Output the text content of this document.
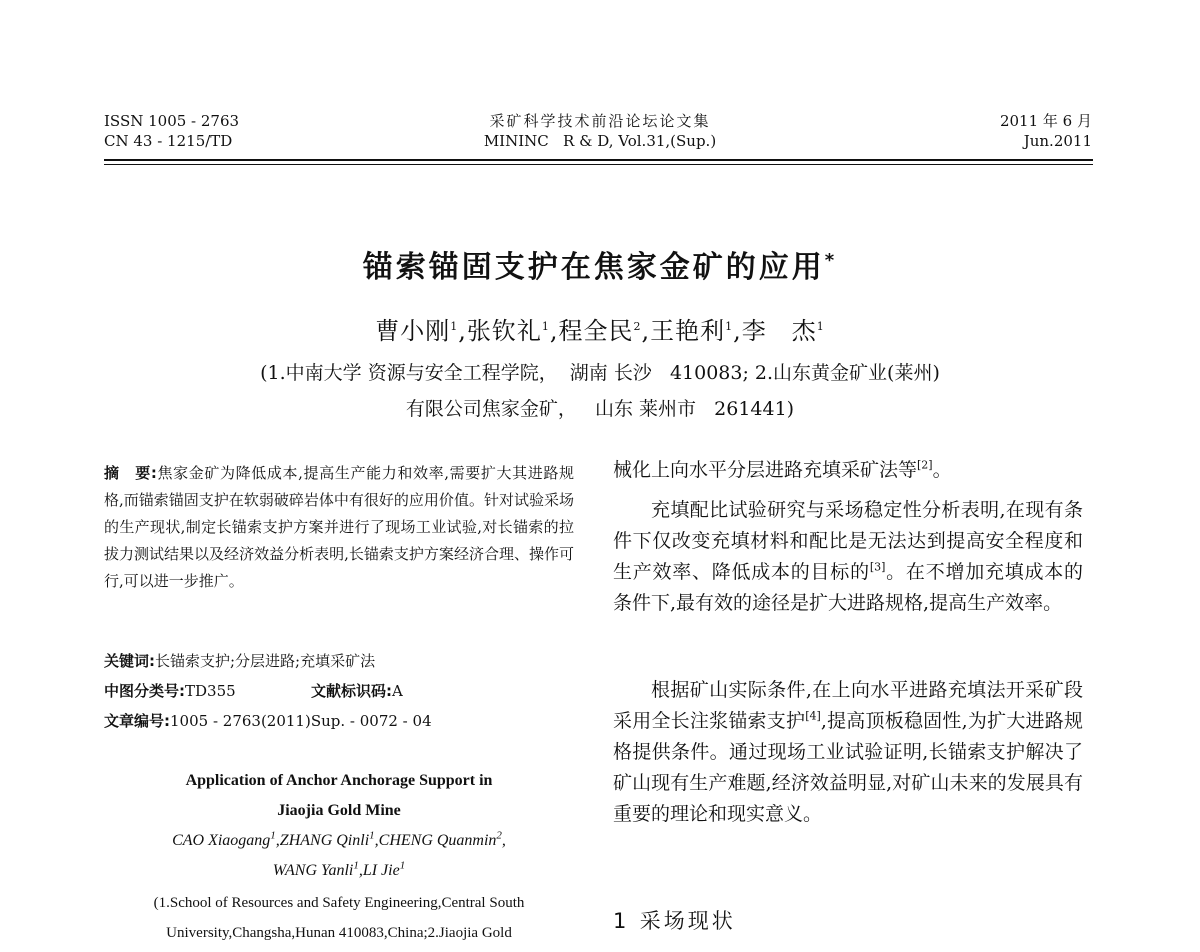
ISSN 1005 - 2763
CN 43 - 1215/TD
采矿科学技术前沿论坛论文集
MININC   R & D, Vol.31,(Sup.)
2011 年 6 月
Jun.2011
锚索锚固支护在焦家金矿的应用*
曹小刚$^1$,张钦礼$^1$,程全民$^2$,王艳利$^1$,李　杰$^1$
(1.中南大学 资源与安全工程学院，  湖南 长沙   410083; 2.山东黄金矿业(莱州)
有限公司焦家金矿，   山东 莱州市   261441)
摘　要:焦家金矿为降低成本,提高生产能力和效率,需要扩大其进路规格,而锚索锚固支护在软弱破碎岩体中有很好的应用价值。针对试验采场的生产现状,制定长锚索支护方案并进行了现场工业试验,对长锚索的拉拔力测试结果以及经济效益分析表明,长锚索支护方案经济合理、操作可行,可以进一步推广。
关键词:长锚索支护;分层进路;充填采矿法
中图分类号:TD355	文献标识码:A
文章编号:1005 - 2763(2011)Sup. - 0072 - 04
Application of Anchor Anchorage Support in
Jiaojia Gold Mine
CAO Xiaogang$^1$,ZHANG Qinli$^1$,CHENG Quanmin$^2$,
WANG Yanli$^1$,LI Jie$^1$
(1.School of Resources and Safety Engineering,Central South
University,Changsha,Hunan 410083,China;2.Jiaojia Gold
械化上向水平分层进路充填采矿法等[2]。

充填配比试验研究与采场稳定性分析表明,在现有条件下仅改变充填材料和配比是无法达到提高安全程度和生产效率、降低成本的目标的[3]。在不增加充填成本的条件下,最有效的途径是扩大进路规格,提高生产效率。

根据矿山实际条件,在上向水平进路充填法开采矿段采用全长注浆锚索支护[4],提高顶板稳固性,为扩大进路规格提供条件。通过现场工业试验证明,长锚索支护解决了矿山现有生产难题,经济效益明显,对矿山未来的发展具有重要的理论和现实意义。

1 采场现状
